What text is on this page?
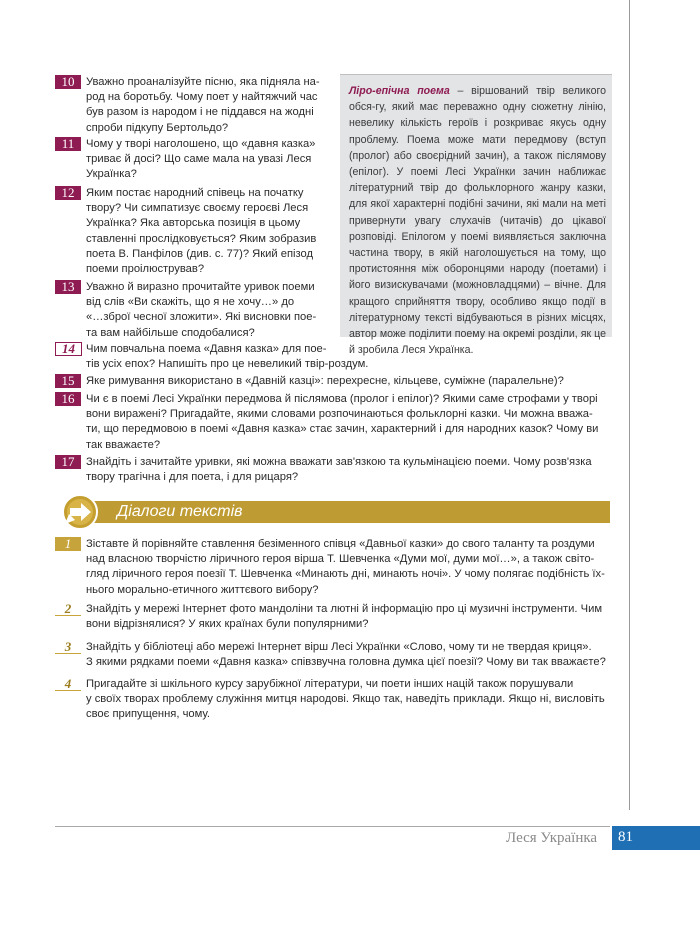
10	Уважно проаналізуйте пісню, яка підняла на-
род на боротьбу. Чому поет у найтяжчий час
був разом із народом і не піддався на жодні
спроби підкупу Бертольдо?
11	Чому у творі наголошено, що «давня казка»
триває й досі? Що саме мала на увазі Леся
Українка?
12	Яким постає народний співець на початку
твору? Чи симпатизує своєму героєві Леся
Українка? Яка авторська позиція в цьому
ставленні прослідковується? Яким зобразив
поета В. Панфілов (див. с. 77)? Який епізод
поеми проілюстрував?
13	Уважно й виразно прочитайте уривок поеми
від слів «Ви скажіть, що я не хочу…» до
«…зброї чесної зложити». Які висновки пое-
та вам найбільше сподобалися?
14 Чим повчальна поема «Давня казка» для пое-
тів усіх епох? Напишіть про це невеликий твір-роздум.
15	Яке римування використано в «Давній казці»: перехресне, кільцеве, суміжне (паралельне)?
16	Чи є в поемі Лесі Українки передмова й післямова (пролог і епілог)? Якими саме строфами у творі
вони виражені? Пригадайте, якими словами розпочинаються фольклорні казки. Чи можна вважа-
ти, що передмовою в поемі «Давня казка» стає зачин, характерний і для народних казок? Чому ви
так вважаєте?
17	Знайдіть і зачитайте уривки, які можна вважати зав'язкою та кульмінацією поеми. Чому розв'язка
твору трагічна і для поета, і для рицаря?

Ліро-епічна поема – віршований твір великого обся-гу, який має переважно одну сюжетну лінію, невелику кількість героїв і розкриває якусь одну проблему. Поема може мати передмову (вступ (пролог) або своєрідний зачин), а також післямову (епілог). У поемі Лесі Українки зачин наближає літературний твір до фольклорного жанру казки, для якої характерні подібні зачини, які мали на меті привернути увагу слухачів (читачів) до цікавої розповіді. Епілогом у поемі виявляється заключна частина твору, в якій наголошується на тому, що протистояння між оборонцями народу (поетами) і його визискувачами (можновладцями) – вічне. Для кращого сприйняття твору, особливо якщо події в літературному тексті відбуваються в різних місцях, автор може поділити поему на окремі розділи, як це й зробила Леся Українка.

Діалоги текстів
1	Зіставте й порівняйте ставлення безіменного співця «Давньої казки» до свого таланту та роздуми
над власною творчістю ліричного героя вірша Т. Шевченка «Думи мої, думи мої…», а також світо-
гляд ліричного героя поезії Т. Шевченка «Минають дні, минають ночі». У чому полягає подібність їх-
нього морально-етичного життєвого вибору?
2	Знайдіть у мережі Інтернет фото мандоліни та лютні й інформацію про ці музичні інструменти. Чим
вони відрізнялися? У яких країнах були популярними?
3	Знайдіть у бібліотеці або мережі Інтернет вірш Лесі Українки «Слово, чому ти не твердая криця».
З якими рядками поеми «Давня казка» співзвучна головна думка цієї поезії? Чому ви так вважаєте?
4	Пригадайте зі шкільного курсу зарубіжної літератури, чи поети інших націй також порушували
у своїх творах проблему служіння митця народові. Якщо так, наведіть приклади. Якщо ні, висловіть
своє припущення, чому.
Леся Українка 81
